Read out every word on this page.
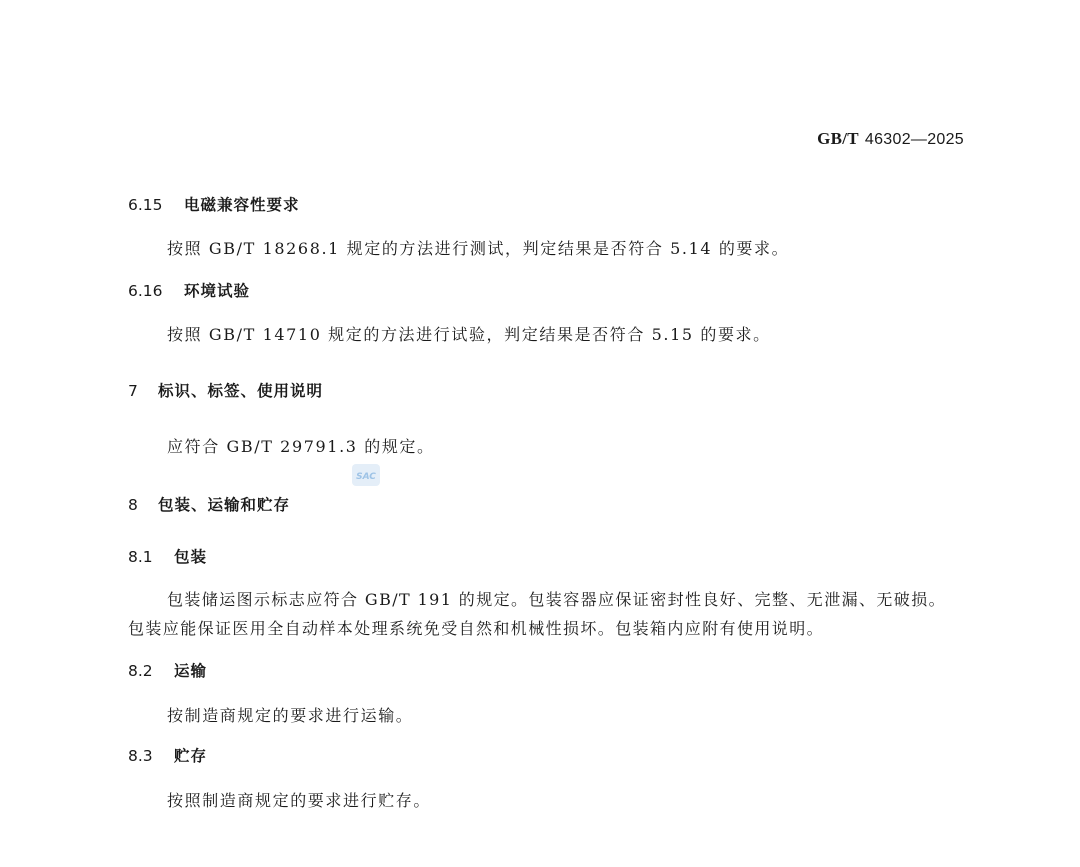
GB/T 46302—2025
6.15 电磁兼容性要求
按照 GB/T 18268.1 规定的方法进行测试，判定结果是否符合 5.14 的要求。
6.16 环境试验
按照 GB/T 14710 规定的方法进行试验，判定结果是否符合 5.15 的要求。
7 标识、标签、使用说明
应符合 GB/T 29791.3 的规定。
SAC
8 包装、运输和贮存
8.1 包装
包装储运图示标志应符合 GB/T 191 的规定。包装容器应保证密封性良好、完整、无泄漏、无破损。
包装应能保证医用全自动样本处理系统免受自然和机械性损坏。包装箱内应附有使用说明。
8.2 运输
按制造商规定的要求进行运输。
8.3 贮存
按照制造商规定的要求进行贮存。
